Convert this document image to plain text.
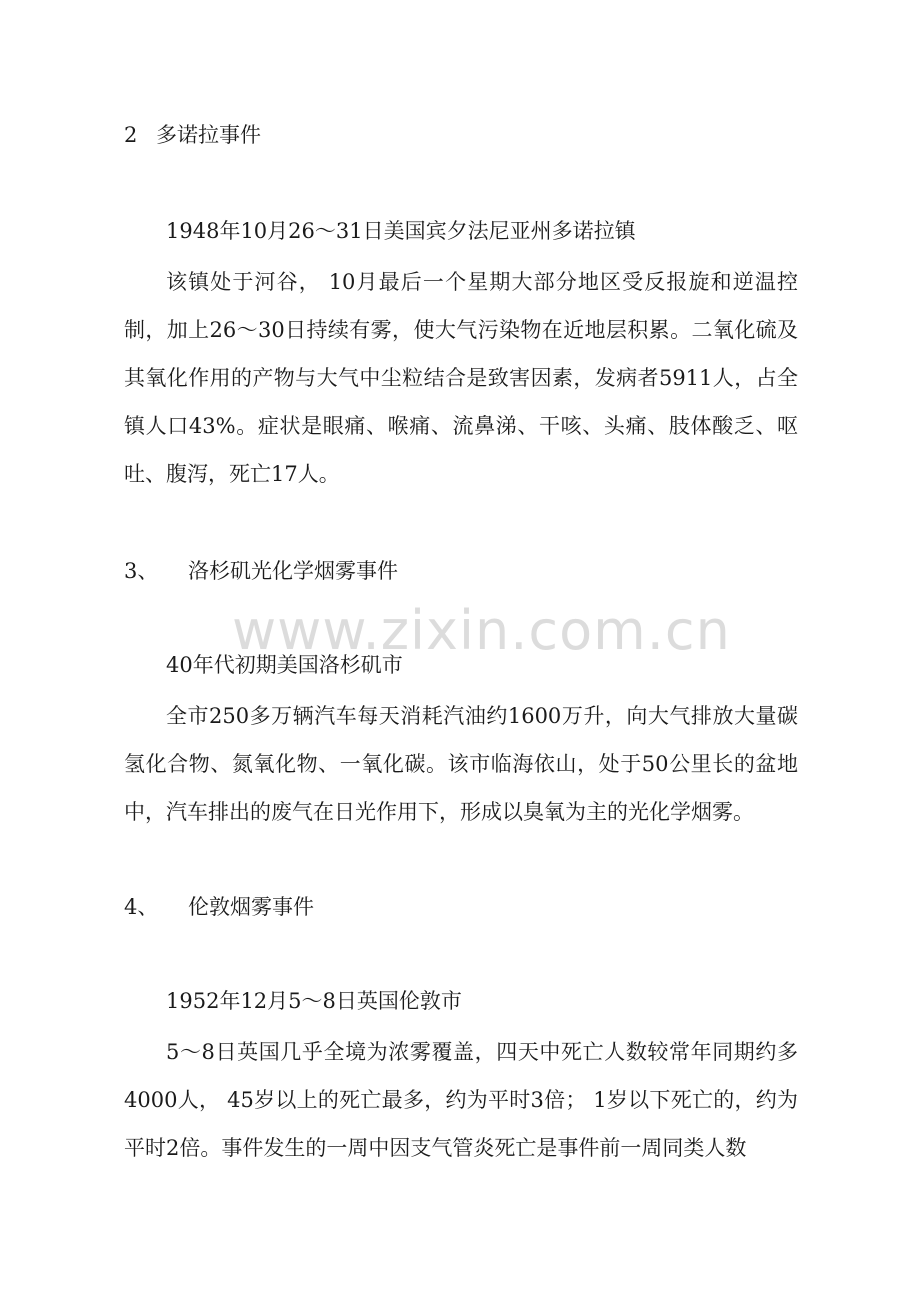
2 多诺拉事件
1948年10月26～31日美国宾夕法尼亚州多诺拉镇

该镇处于河谷， 10月最后一个星期大部分地区受反报旋和逆温控制，加上26～30日持续有雾，使大气污染物在近地层积累。二氧化硫及其氧化作用的产物与大气中尘粒结合是致害因素，发病者5911人，占全镇人口43%。症状是眼痛、喉痛、流鼻涕、干咳、头痛、肢体酸乏、呕吐、腹泻，死亡17人。

3、 洛杉矶光化学烟雾事件
40年代初期美国洛杉矶市

全市250多万辆汽车每天消耗汽油约1600万升，向大气排放大量碳氢化合物、氮氧化物、一氧化碳。该市临海依山，处于50公里长的盆地中，汽车排出的废气在日光作用下，形成以臭氧为主的光化学烟雾。

4、 伦敦烟雾事件
1952年12月5～8日英国伦敦市

5～8日英国几乎全境为浓雾覆盖，四天中死亡人数较常年同期约多4000人， 45岁以上的死亡最多，约为平时3倍； 1岁以下死亡的，约为平时2倍。事件发生的一周中因支气管炎死亡是事件前一周同类人数

www.zixin.com.cn
